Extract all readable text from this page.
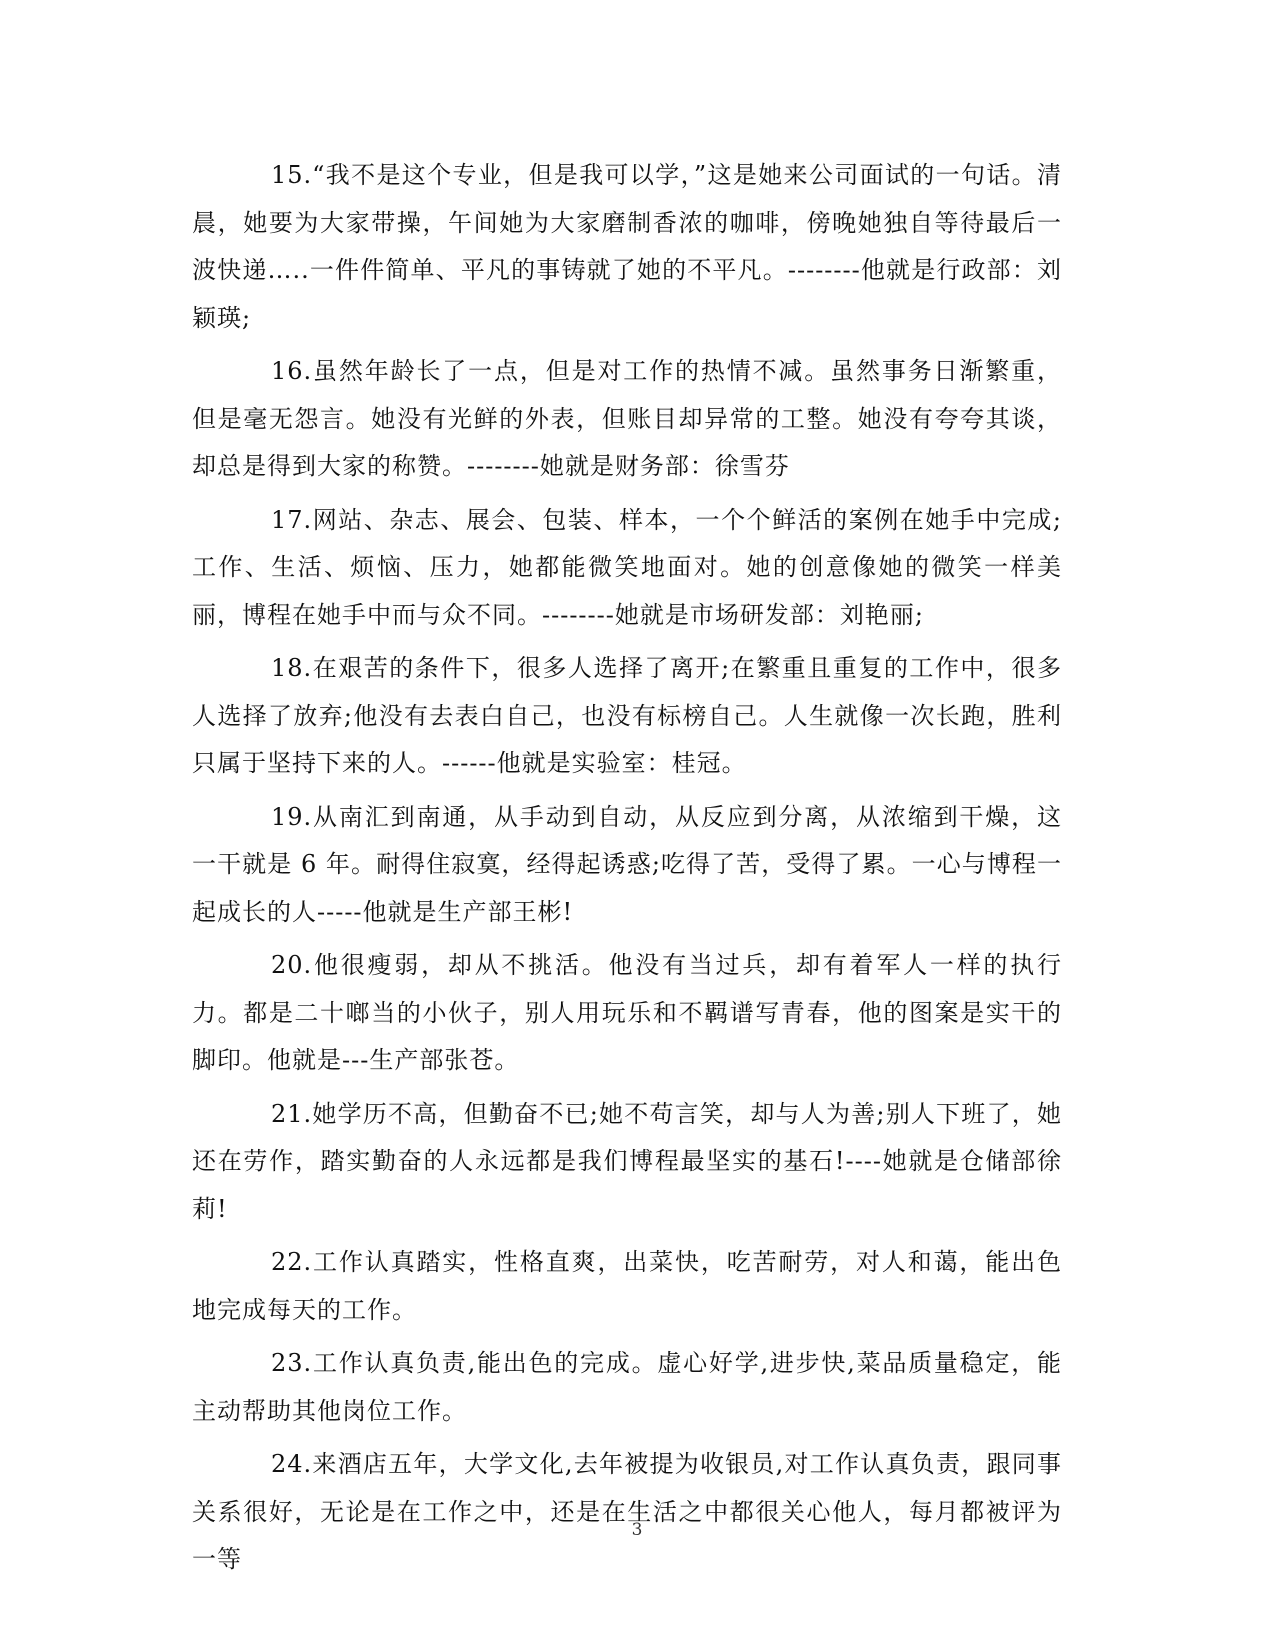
15.“我不是这个专业，但是我可以学，”这是她来公司面试的一句话。清晨，她要为大家带操，午间她为大家磨制香浓的咖啡，傍晚她独自等待最后一波快递…..一件件简单、平凡的事铸就了她的不平凡。--------他就是行政部：刘颖瑛;

16.虽然年龄长了一点，但是对工作的热情不减。虽然事务日渐繁重，但是毫无怨言。她没有光鲜的外表，但账目却异常的工整。她没有夸夸其谈，却总是得到大家的称赞。--------她就是财务部：徐雪芬

17.网站、杂志、展会、包装、样本，一个个鲜活的案例在她手中完成;工作、生活、烦恼、压力，她都能微笑地面对。她的创意像她的微笑一样美丽，博程在她手中而与众不同。--------她就是市场研发部：刘艳丽;

18.在艰苦的条件下，很多人选择了离开;在繁重且重复的工作中，很多人选择了放弃;他没有去表白自己，也没有标榜自己。人生就像一次长跑，胜利只属于坚持下来的人。------他就是实验室：桂冠。

19.从南汇到南通，从手动到自动，从反应到分离，从浓缩到干燥，这一干就是 6 年。耐得住寂寞，经得起诱惑;吃得了苦，受得了累。一心与博程一起成长的人-----他就是生产部王彬!

20.他很瘦弱，却从不挑活。他没有当过兵，却有着军人一样的执行力。都是二十啷当的小伙子，别人用玩乐和不羁谱写青春，他的图案是实干的脚印。他就是---生产部张苍。

21.她学历不高，但勤奋不已;她不苟言笑，却与人为善;别人下班了，她还在劳作，踏实勤奋的人永远都是我们博程最坚实的基石!----她就是仓储部徐莉!

22.工作认真踏实，性格直爽，出菜快，吃苦耐劳，对人和蔼，能出色地完成每天的工作。

23.工作认真负责,能出色的完成。虚心好学,进步快,菜品质量稳定，能主动帮助其他岗位工作。

24.来酒店五年，大学文化,去年被提为收银员,对工作认真负责，跟同事关系很好，无论是在工作之中，还是在生活之中都很关心他人，每月都被评为一等

3
